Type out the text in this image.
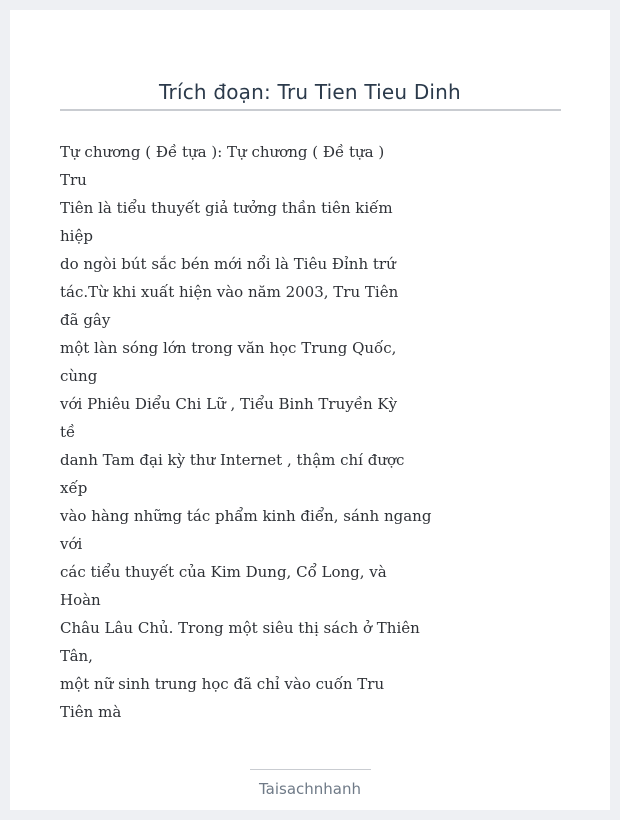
Trích đoạn: Tru Tien Tieu Dinh
Tự chương ( Đề tựa ): Tự chương ( Đề tựa )
Tru
Tiên là tiểu thuyết giả tưởng thần tiên kiếm
hiệp
do ngòi bút sắc bén mới nổi là Tiêu Đỉnh trứ
tác.Từ khi xuất hiện vào năm 2003, Tru Tiên
đã gây
một làn sóng lớn trong văn học Trung Quốc,
cùng
với Phiêu Diểu Chi Lữ , Tiểu Binh Truyền Kỳ
tề
danh Tam đại kỳ thư Internet , thậm chí được
xếp
vào hàng những tác phẩm kinh điển, sánh ngang
với
các tiểu thuyết của Kim Dung, Cổ Long, và
Hoàn
Châu Lâu Chủ. Trong một siêu thị sách ở Thiên
Tân,
một nữ sinh trung học đã chỉ vào cuốn Tru
Tiên mà
Taisachnhanh
